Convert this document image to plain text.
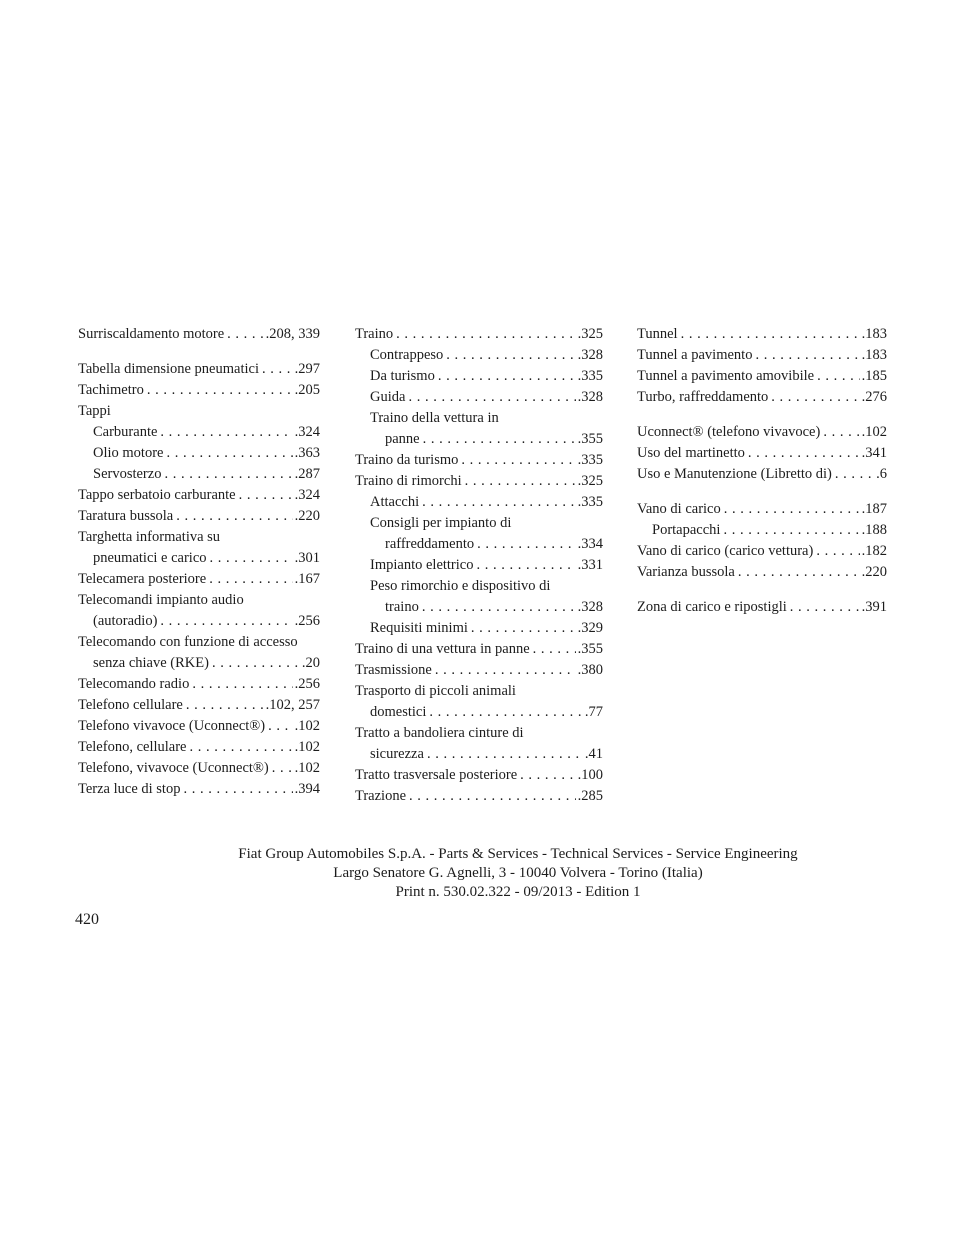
Surriscaldamento motore . . .	.208, 339
Tabella dimensione pneumatici . . .	.297
Tachimetro . . .	.205
Tappi
Carburante . . .	.324
Olio motore . . .	.363
Servosterzo . . .	.287
Tappo serbatoio carburante . . .	.324
Taratura bussola . . .	.220
Targhetta informativa su
pneumatici e carico . . .	.301
Telecamera posteriore . . .	.167
Telecomandi impianto audio
(autoradio) . . .	.256
Telecomando con funzione di accesso
senza chiave (RKE) . . .	.20
Telecomando radio . . .	.256
Telefono cellulare . . .	.102, 257
Telefono vivavoce (Uconnect®) . . .	.102
Telefono, cellulare . . .	.102
Telefono, vivavoce (Uconnect®) . . .	.102
Terza luce di stop . . .	.394
Traino . . .	.325
Contrappeso . . .	.328
Da turismo . . .	.335
Guida . . .	.328
Traino della vettura in
panne . . .	.355
Traino da turismo . . .	.335
Traino di rimorchi . . .	.325
Attacchi . . .	.335
Consigli per impianto di
raffreddamento . . .	.334
Impianto elettrico . . .	.331
Peso rimorchio e dispositivo di
traino . . .	.328
Requisiti minimi . . .	.329
Traino di una vettura in panne . . .	.355
Trasmissione . . .	.380
Trasporto di piccoli animali
domestici . . .	.77
Tratto a bandoliera cinture di
sicurezza . . .	.41
Tratto trasversale posteriore . . .	.100
Trazione . . .	.285
Tunnel . . .	.183
Tunnel a pavimento . . .	.183
Tunnel a pavimento amovibile . . .	.185
Turbo, raffreddamento . . .	.276
Uconnect® (telefono vivavoce) . . .	.102
Uso del martinetto . . .	.341
Uso e Manutenzione (Libretto di) . . .	.6
Vano di carico . . .	.187
Portapacchi . . .	.188
Vano di carico (carico vettura) . . .	.182
Varianza bussola . . .	.220
Zona di carico e ripostigli . . .	.391
Fiat Group Automobiles S.p.A. - Parts & Services - Technical Services - Service Engineering
Largo Senatore G. Agnelli, 3 - 10040 Volvera - Torino (Italia)
Print n. 530.02.322 - 09/2013 - Edition 1
420
